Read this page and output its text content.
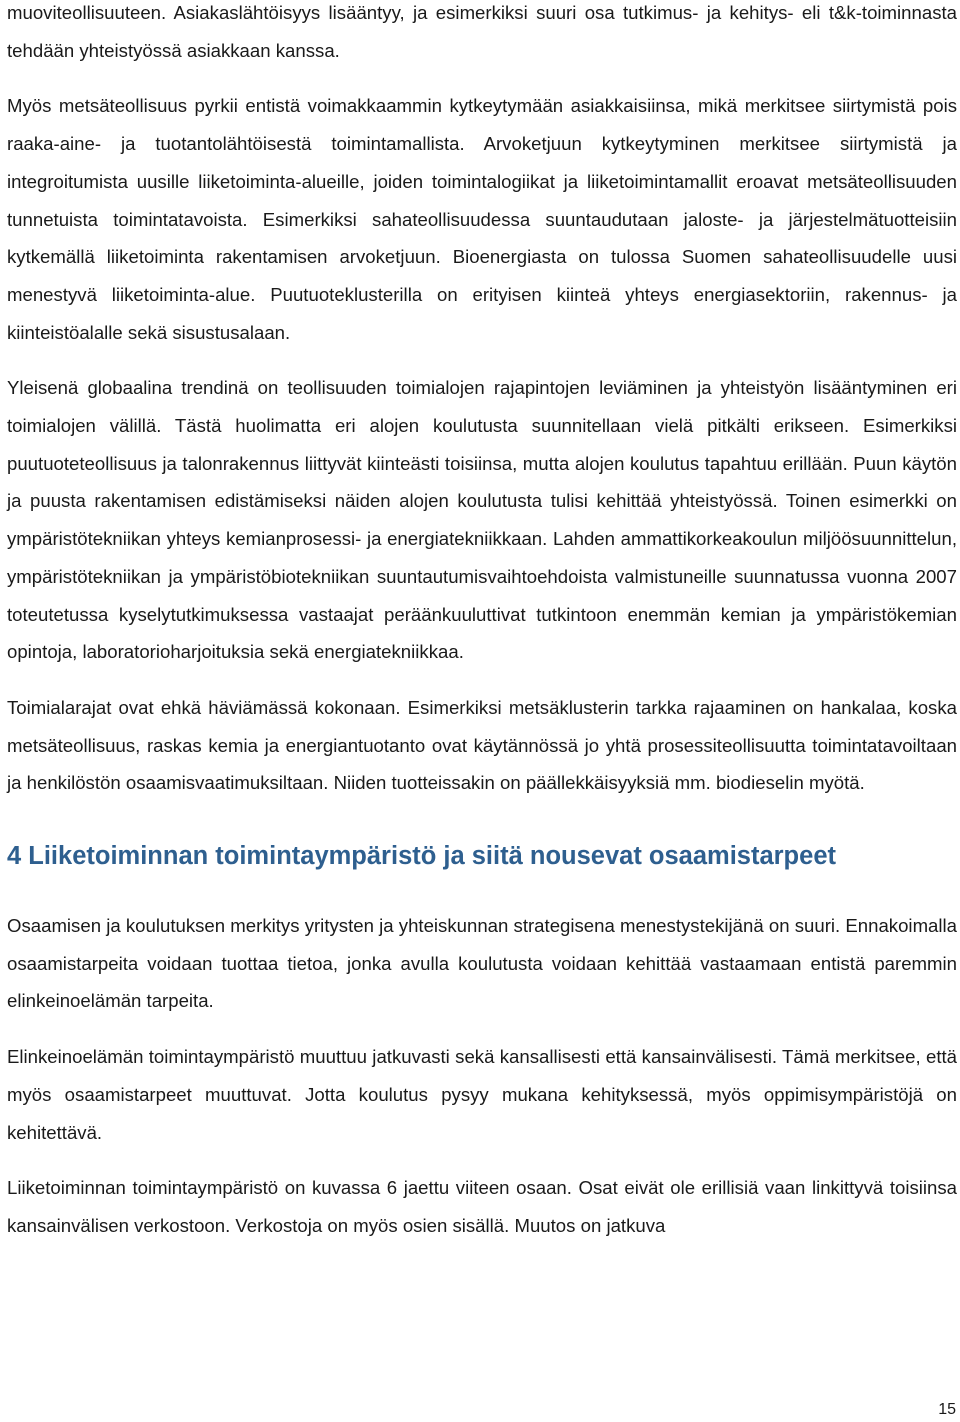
muoviteollisuuteen. Asiakaslähtöisyys lisääntyy, ja esimerkiksi suuri osa tutkimus- ja kehitys- eli t&k-toiminnasta tehdään yhteistyössä asiakkaan kanssa.

Myös metsäteollisuus pyrkii entistä voimakkaammin kytkeytymään asiakkaisiinsa, mikä merkitsee siirtymistä pois raaka-aine- ja tuotantolähtöisestä toimintamallista. Arvoketjuun kytkeytyminen merkitsee siirtymistä ja integroitumista uusille liiketoiminta-alueille, joiden toimintalogiikat ja liiketoimintamallit eroavat metsäteollisuuden tunnetuista toimintatavoista. Esimerkiksi sahateollisuudessa suuntaudutaan jaloste- ja järjestelmätuotteisiin kytkemällä liiketoiminta rakentamisen arvoketjuun. Bioenergiasta on tulossa Suomen sahateollisuudelle uusi menestyvä liiketoiminta-alue. Puutuoteklusterilla on erityisen kiinteä yhteys energiasektoriin, rakennus- ja kiinteistöalalle sekä sisustusalaan.

Yleisenä globaalina trendinä on teollisuuden toimialojen rajapintojen leviäminen ja yhteistyön lisääntyminen eri toimialojen välillä. Tästä huolimatta eri alojen koulutusta suunnitellaan vielä pitkälti erikseen. Esimerkiksi puutuoteteollisuus ja talonrakennus liittyvät kiinteästi toisiinsa, mutta alojen koulutus tapahtuu erillään. Puun käytön ja puusta rakentamisen edistämiseksi näiden alojen koulutusta tulisi kehittää yhteistyössä. Toinen esimerkki on ympäristötekniikan yhteys kemianprosessi- ja energiatekniikkaan. Lahden ammattikorkeakoulun miljöösuunnittelun, ympäristötekniikan ja ympäristöbiotekniikan suuntautumisvaihtoehdoista valmistuneille suunnatussa vuonna 2007 toteutetussa kyselytutkimuksessa vastaajat peräänkuuluttivat tutkintoon enemmän kemian ja ympäristökemian opintoja, laboratorioharjoituksia sekä energiatekniikkaa.

Toimialarajat ovat ehkä häviämässä kokonaan. Esimerkiksi metsäklusterin tarkka rajaaminen on hankalaa, koska metsäteollisuus, raskas kemia ja energiantuotanto ovat käytännössä jo yhtä prosessiteollisuutta toimintatavoiltaan ja henkilöstön osaamisvaatimuksiltaan. Niiden tuotteissakin on päällekkäisyyksiä mm. biodieselin myötä.

4 Liiketoiminnan toimintaympäristö ja siitä nousevat osaamistarpeet

Osaamisen ja koulutuksen merkitys yritysten ja yhteiskunnan strategisena menestystekijänä on suuri. Ennakoimalla osaamistarpeita voidaan tuottaa tietoa, jonka avulla koulutusta voidaan kehittää vastaamaan entistä paremmin elinkeinoelämän tarpeita.

Elinkeinoelämän toimintaympäristö muuttuu jatkuvasti sekä kansallisesti että kansainvälisesti. Tämä merkitsee, että myös osaamistarpeet muuttuvat. Jotta koulutus pysyy mukana kehityksessä, myös oppimisympäristöjä on kehitettävä.

Liiketoiminnan toimintaympäristö on kuvassa 6 jaettu viiteen osaan. Osat eivät ole erillisiä vaan linkittyvä toisiinsa kansainvälisen verkostoon. Verkostoja on myös osien sisällä. Muutos on jatkuva

15
